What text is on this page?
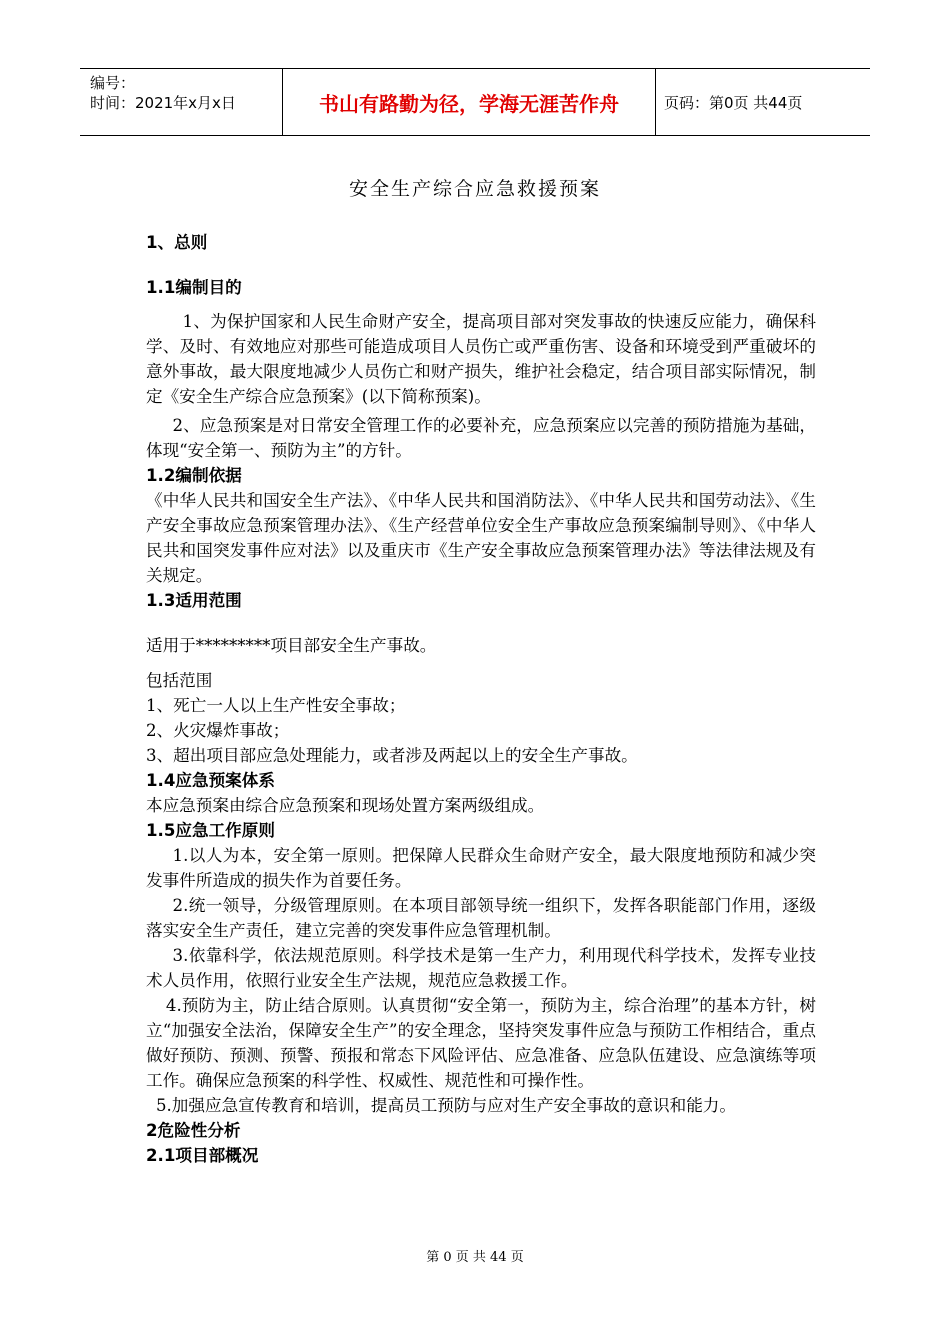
编号：
时间：2021年x月x日	书山有路勤为径，学海无涯苦作舟	页码：第0页 共44页
安全生产综合应急救援预案
1、总则
1.1编制目的

1、为保护国家和人民生命财产安全，提高项目部对突发事故的快速反应能力，确保科学、及时、有效地应对那些可能造成项目人员伤亡或严重伤害、设备和环境受到严重破坏的意外事故，最大限度地减少人员伤亡和财产损失，维护社会稳定，结合项目部实际情况，制定《安全生产综合应急预案》(以下简称预案)。

2、应急预案是对日常安全管理工作的必要补充，应急预案应以完善的预防措施为基础，体现“安全第一、预防为主”的方针。

1.2编制依据

《中华人民共和国安全生产法》、《中华人民共和国消防法》、《中华人民共和国劳动法》、《生产安全事故应急预案管理办法》、《生产经营单位安全生产事故应急预案编制导则》、《中华人民共和国突发事件应对法》以及重庆市《生产安全事故应急预案管理办法》等法律法规及有关规定。

1.3适用范围

适用于*********项目部安全生产事故。

包括范围

1、死亡一人以上生产性安全事故；

2、火灾爆炸事故；

3、超出项目部应急处理能力，或者涉及两起以上的安全生产事故。

1.4应急预案体系

本应急预案由综合应急预案和现场处置方案两级组成。

1.5应急工作原则

1.以人为本，安全第一原则。把保障人民群众生命财产安全，最大限度地预防和减少突发事件所造成的损失作为首要任务。

2.统一领导，分级管理原则。在本项目部领导统一组织下，发挥各职能部门作用，逐级落实安全生产责任，建立完善的突发事件应急管理机制。

3.依靠科学，依法规范原则。科学技术是第一生产力，利用现代科学技术，发挥专业技术人员作用，依照行业安全生产法规，规范应急救援工作。

4.预防为主，防止结合原则。认真贯彻“安全第一，预防为主，综合治理”的基本方针，树立“加强安全法治，保障安全生产”的安全理念，坚持突发事件应急与预防工作相结合，重点做好预防、预测、预警、预报和常态下风险评估、应急准备、应急队伍建设、应急演练等项工作。确保应急预案的科学性、权威性、规范性和可操作性。

5.加强应急宣传教育和培训，提高员工预防与应对生产安全事故的意识和能力。

2危险性分析
2.1项目部概况
第 0 页 共 44 页
